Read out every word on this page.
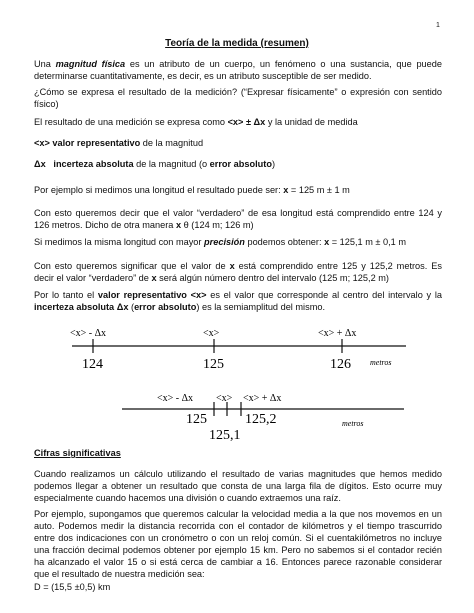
1
Teoría de la medida (resumen)

Una magnitud física es un atributo de un cuerpo, un fenómeno o una sustancia, que puede determinarse cuantitativamente, es decir, es un atributo susceptible de ser medido.

¿Cómo se expresa el resultado de la medición? (“Expresar físicamente” o expresión con sentido físico)

El resultado de una medición se expresa como <x> ± Δx y la unidad de medida

<x> valor representativo de la magnitud

Δx incerteza absoluta de la magnitud (o error absoluto)

Por ejemplo si medimos una longitud el resultado puede ser: x = 125 m ± 1 m

Con esto queremos decir que el valor “verdadero” de esa longitud está comprendido entre 124 y 126 metros. Dicho de otra manera x θ (124 m; 126 m)

Si medimos la misma longitud con mayor precisión podemos obtener: x = 125,1 m ± 0,1 m

Con esto queremos significar que el valor de x está comprendido entre 125 y 125,2 metros. Es decir el valor “verdadero” de x será algún número dentro del intervalo (125 m; 125,2 m)

Por lo tanto el valor representativo <x> es el valor que corresponde al centro del intervalo y la incerteza absoluta Δx (error absoluto) es la semiamplitud del mismo.

<x> - Δx	<x>	<x> + Δx
124	125	126 metros
<x> - Δx <x> <x> + Δx
125	125,2
125,1
metros

Cifras significativas

Cuando realizamos un cálculo utilizando el resultado de varias magnitudes que hemos medido podemos llegar a obtener un resultado que consta de una larga fila de dígitos. Esto ocurre muy especialmente cuando hacemos una división o cuando extraemos una raíz.

Por ejemplo, supongamos que queremos calcular la velocidad media a la que nos movemos en un auto. Podemos medir la distancia recorrida con el contador de kilómetros y el tiempo trascurrido entre dos indicaciones con un cronómetro o con un reloj común. Si el cuentakilómetros no incluye una fracción decimal podemos obtener por ejemplo 15 km. Pero no sabemos si el contador recién ha alcanzado el valor 15 o si está cerca de cambiar a 16. Entonces parece razonable considerar que el resultado de nuestra medición sea:

D = (15,5 ±0,5) km
